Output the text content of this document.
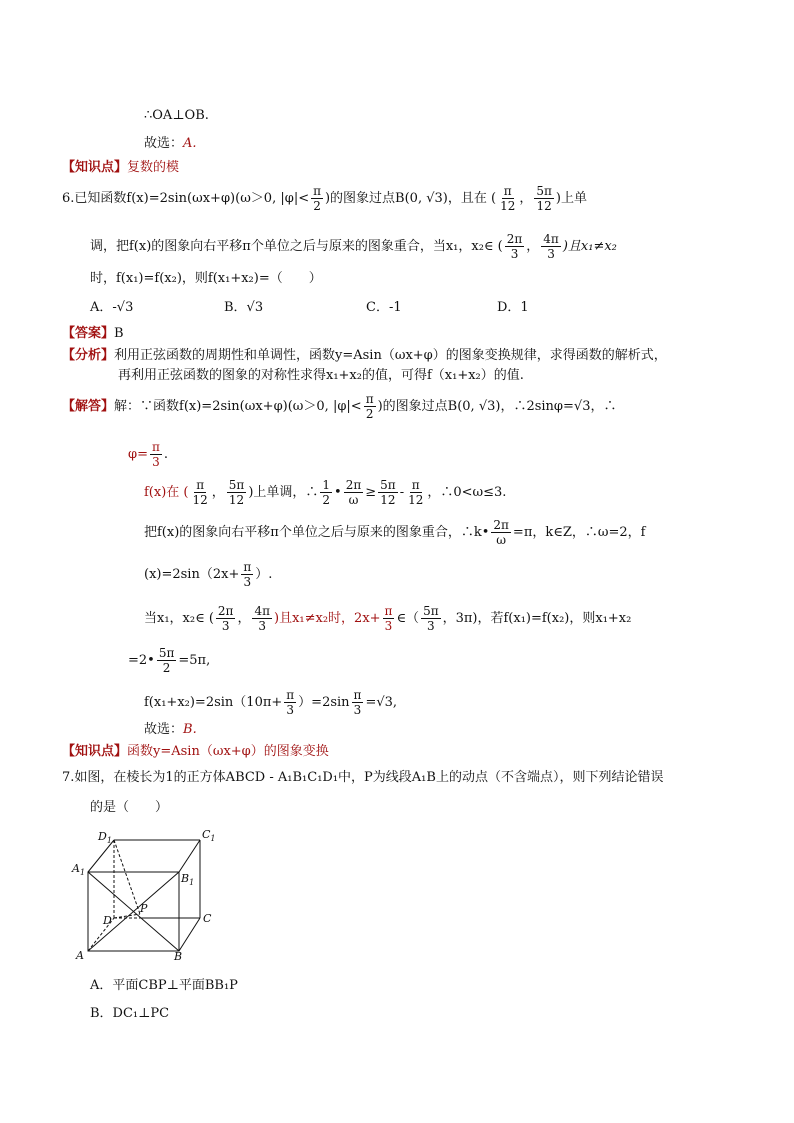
∴OA⊥OB.
故选：A.
【知识点】复数的模
6.已知函数f(x)=2sin(ωx+φ)(ω＞0, $|\varphi|< \frac{\pi}{2}$ )的图象过点B(0, √3)，且在 ( $\frac{\pi}{12}$ ， $\frac{5\pi}{12}$ )上单
调，把f(x)的图象向右平移π个单位之后与原来的图象重合，当x₁，x₂∈ ( $\frac{2\pi}{3}$ ， $\frac{4\pi}{3}$ )且x₁≠x₂
时，f(x₁)=f(x₂)，则f(x₁+x₂)=（　　）
A．-√3	B．√3	C．-1	D．1
【答案】B
【分析】利用正弦函数的周期性和单调性，函数y=Asin（ωx+φ）的图象变换规律，求得函数的解析式，
再利用正弦函数的图象的对称性求得x₁+x₂的值，可得f（x₁+x₂）的值.
【解答】解：∵函数f(x)=2sin(ωx+φ)(ω＞0, $|\varphi|< \frac{\pi}{2}$ )的图象过点B(0, √3)，∴2sinφ=√3，∴
$\varphi= \frac{\pi}{3}$ .
f(x)在 ( $\frac{\pi}{12}$ ， $\frac{5\pi}{12}$ )上单调，∴ $\frac{1}{2}$ • $\frac{2\pi}{\omega} \ge \frac{5\pi}{12} - \frac{\pi}{12}$ ，∴0<ω≤3.
把f(x)的图象向右平移π个单位之后与原来的图象重合，∴k• $\frac{2\pi}{\omega} =\pi$，k∈Z，∴ω=2，f
$(x)=2\sin(2x+ \frac{\pi}{3}$ ）.
当x₁，x₂∈ ( $\frac{2\pi}{3}$ ， $\frac{4\pi}{3}$ )且x₁≠x₂时，$2x+ \frac{\pi}{3}$ ∈（ $\frac{5\pi}{3}$ ，3π)，若f(x₁)=f(x₂)，则x₁+x₂
=2• $\frac{5\pi}{2} =5\pi$,
$f(x_1+x_2)=2\sin(10\pi+ \frac{\pi}{3} )=2\sin \frac{\pi}{3} =√3$,
故选：B.
【知识点】函数y=Asin（ωx+φ）的图象变换
7.如图，在棱长为1的正方体ABCD - A₁B₁C₁D₁中，P为线段A₁B上的动点（不含端点），则下列结论错误
的是（　　）
$D_1$	$C_1$
$A_1$	$B_1$
D
P
C
A	B
A．平面CBP⊥平面BB₁P
B．DC₁⊥PC
